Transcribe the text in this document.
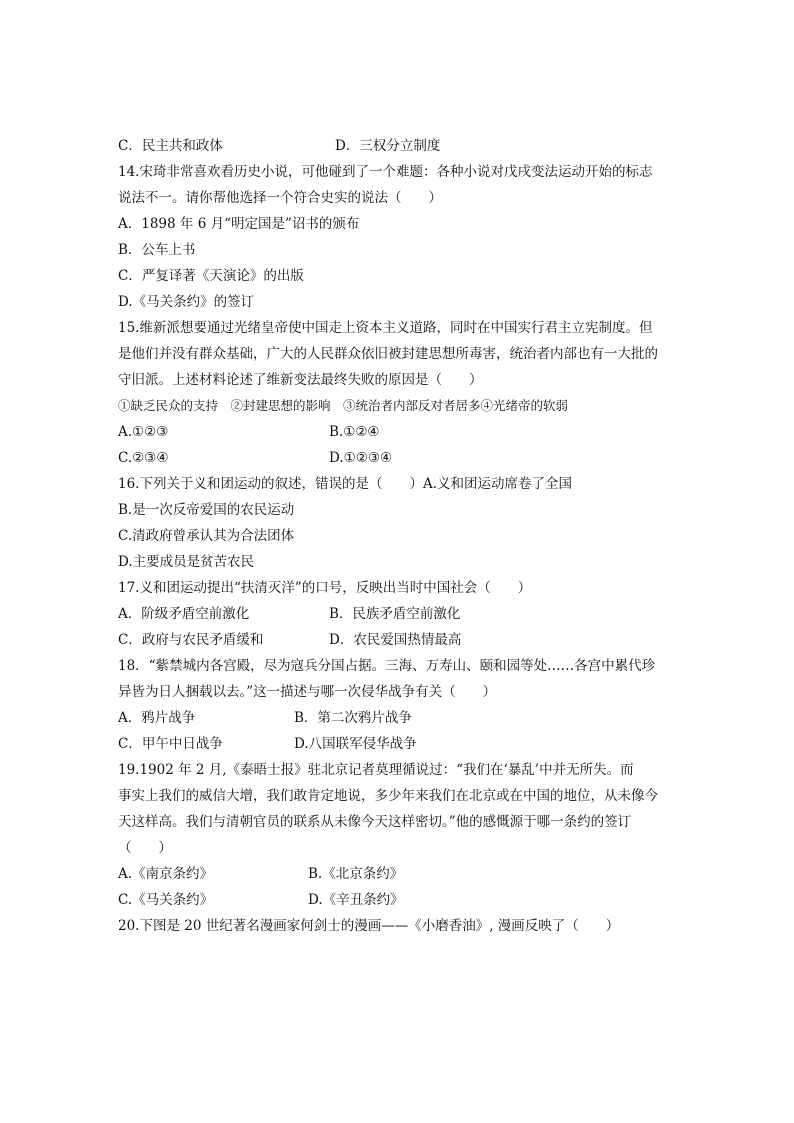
C．民主共和政体	D．三权分立制度
14.宋琦非常喜欢看历史小说，可他碰到了一个难题：各种小说对戊戌变法运动开始的标志
说法不一。请你帮他选择一个符合史实的说法（　　）
A．1898 年 6 月“明定国是”诏书的颁布
B．公车上书
C．严复译著《天演论》的出版
D.《马关条约》的签订
15.维新派想要通过光绪皇帝使中国走上资本主义道路，同时在中国实行君主立宪制度。但
是他们并没有群众基础，广大的人民群众依旧被封建思想所毒害，统治者内部也有一大批的
守旧派。上述材料论述了维新变法最终失败的原因是（　　）
①缺乏民众的支持　②封建思想的影响　③统治者内部反对者居多④光绪帝的软弱
A.①②③	B.①②④
C.②③④	D.①②③④
16.下列关于义和团运动的叙述，错误的是（　　）A.义和团运动席卷了全国
B.是一次反帝爱国的农民运动
C.清政府曾承认其为合法团体
D.主要成员是贫苦农民
17.义和团运动提出“扶清灭洋”的口号，反映出当时中国社会（　　）
A．阶级矛盾空前激化	B．民族矛盾空前激化
C．政府与农民矛盾缓和	D．农民爱国热情最高
18．“紫禁城内各宫殿，尽为寇兵分国占据。三海、万寿山、颐和园等处……各宫中累代珍
异皆为日人捆载以去。”这一描述与哪一次侵华战争有关（　　）
A．鸦片战争	B．第二次鸦片战争
C．甲午中日战争	D.八国联军侵华战争
19.1902 年 2 月,《泰晤士报》驻北京记者莫理循说过：“我们在‘暴乱’中并无所失。而
事实上我们的威信大增，我们敢肯定地说，多少年来我们在北京或在中国的地位，从未像今
天这样高。我们与清朝官员的联系从未像今天这样密切。”他的感慨源于哪一条约的签订
（　　）
A.《南京条约》	B.《北京条约》
C.《马关条约》	D.《辛丑条约》
20.下图是 20 世纪著名漫画家何剑士的漫画——《小磨香油》, 漫画反映了（　　）
